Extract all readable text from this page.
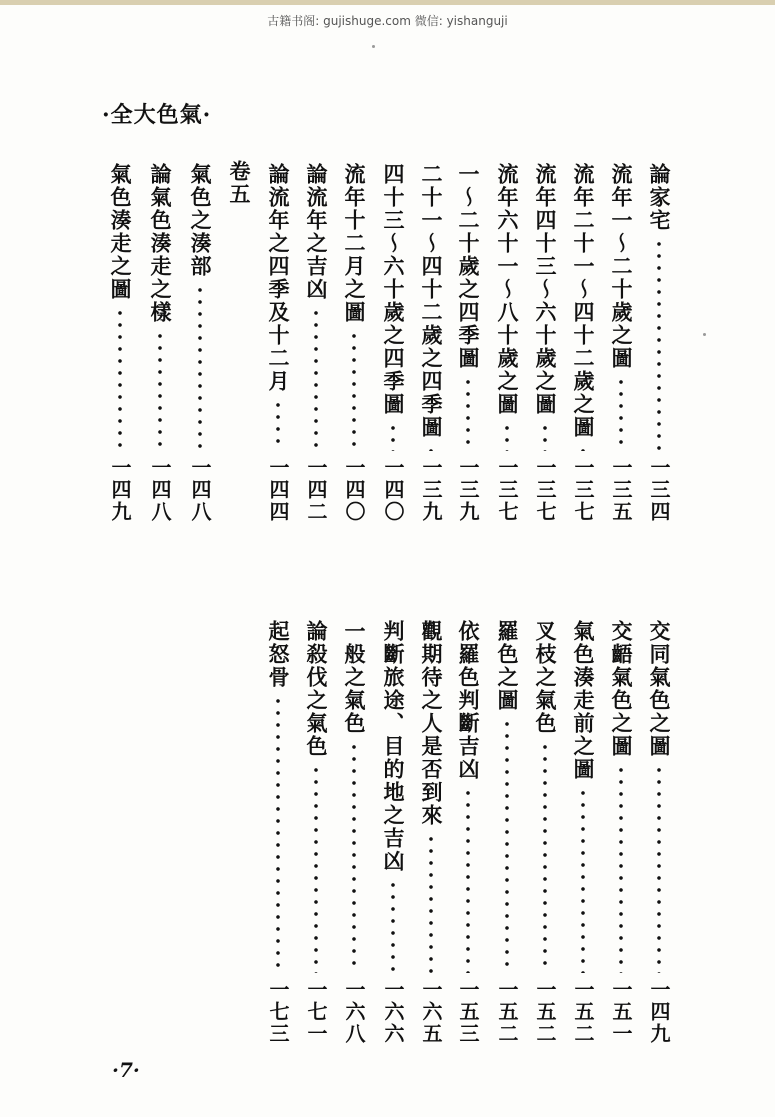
古籍书阁: gujishuge.com 微信: yishanguji
·全大色氣·
論家宅
一三四
流年一〜二十歲之圖
一三五
流年二十一〜四十二歲之圖
一三七
流年四十三〜六十歲之圖
一三七
流年六十一〜八十歲之圖
一三七
一〜二十歲之四季圖
一三九
二十一〜四十二歲之四季圖
一三九
四十三〜六十歲之四季圖
一四〇
流年十二月之圖
一四〇
論流年之吉凶
一四二
論流年之四季及十二月
一四四
氣色之湊部
一四八
論氣色湊走之樣
一四八
氣色湊走之圖
一四九
交同氣色之圖
一四九
交齬氣色之圖
一五一
氣色湊走前之圖
一五二
叉枝之氣色
一五二
羅色之圖
一五二
依羅色判斷吉凶
一五三
觀期待之人是否到來
一六五
判斷旅途、目的地之吉凶
一六六
一般之氣色
一六八
論殺伐之氣色
一七一
起怒骨
一七三
卷五
·7·
